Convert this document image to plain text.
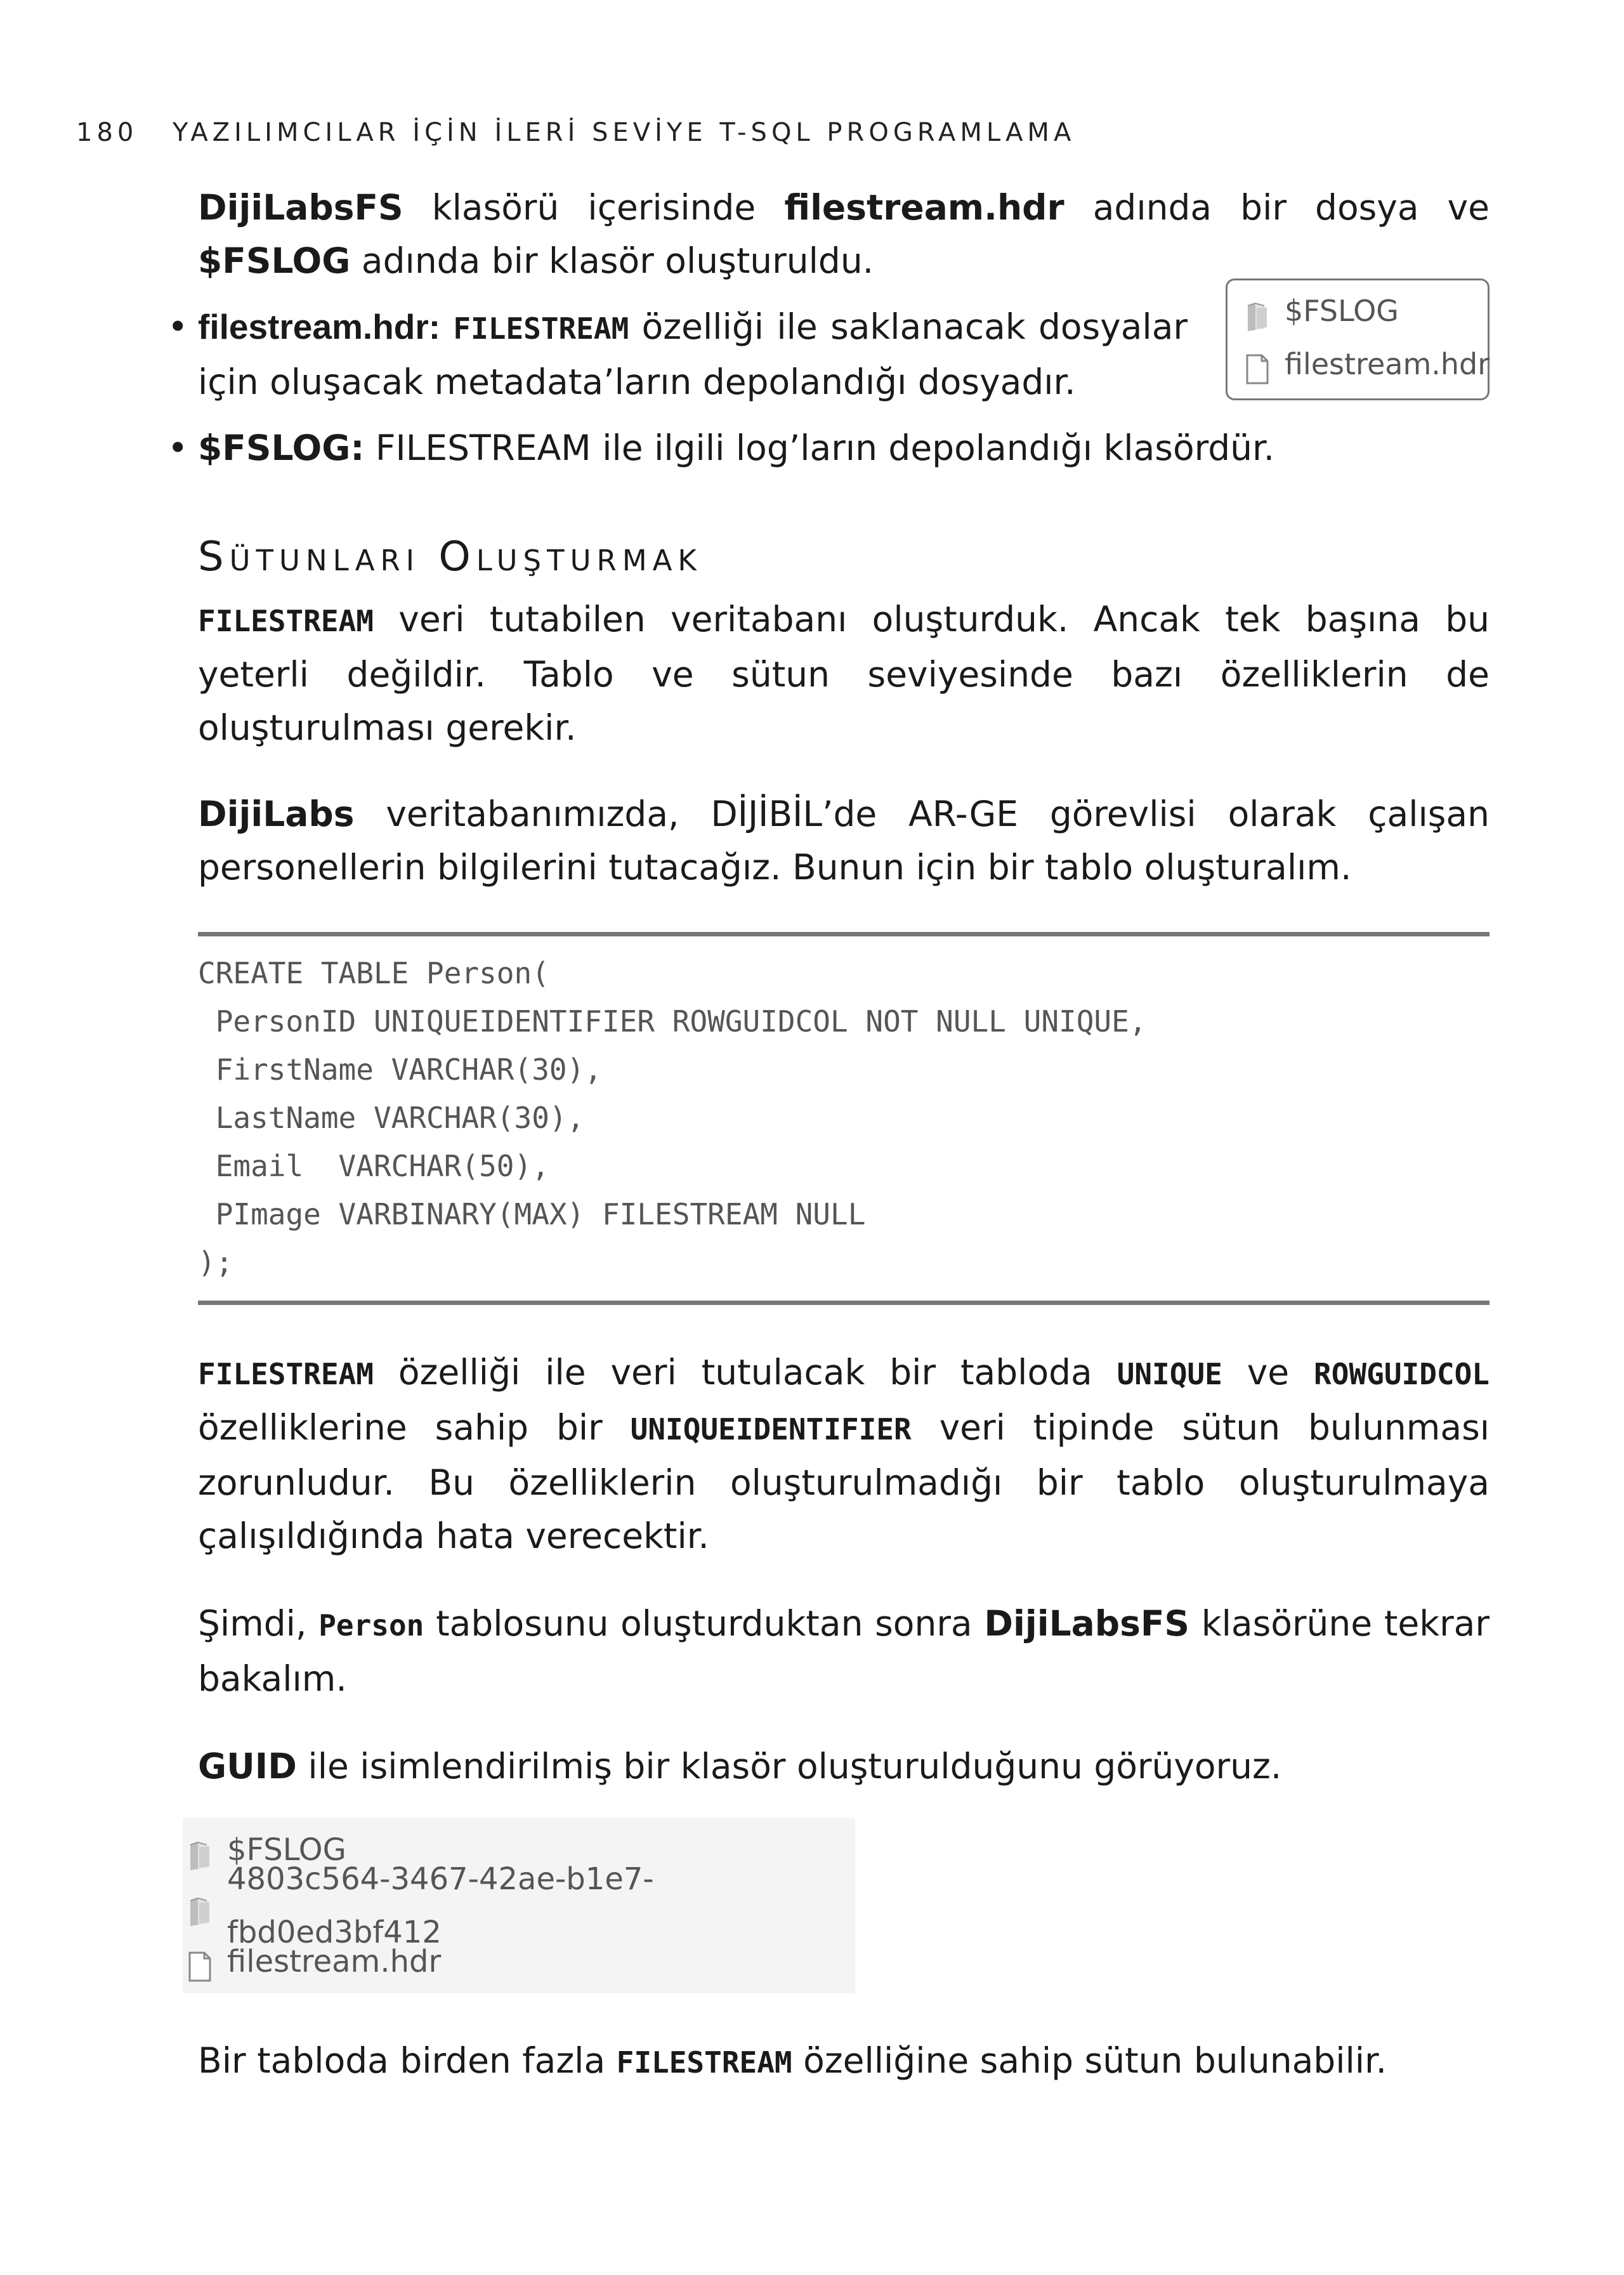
180 YAZILIMCILAR İÇİN İLERİ SEVİYE T-SQL PROGRAMLAMA

DijiLabsFS klasörü içerisinde filestream.hdr adında bir dosya ve $FSLOG adında bir klasör oluşturuldu.

• filestream.hdr: FILESTREAM özelliği ile saklanacak dosyalar için oluşacak metadata’ların depolandığı dosyadır.
• $FSLOG: FILESTREAM ile ilgili log’ların depolandığı klasördür.
$FSLOG
filestream.hdr
Sütunları Oluşturmak

FILESTREAM veri tutabilen veritabanı oluşturduk. Ancak tek başına bu yeterli değildir. Tablo ve sütun seviyesinde bazı özelliklerin de oluşturulması gerekir.

DijiLabs veritabanımızda, DİJİBİL’de AR-GE görevlisi olarak çalışan personellerin bilgilerini tutacağız. Bunun için bir tablo oluşturalım.

CREATE TABLE Person(
PersonID UNIQUEIDENTIFIER ROWGUIDCOL NOT NULL UNIQUE,
FirstName VARCHAR(30),
LastName VARCHAR(30),
Email  VARCHAR(50),
PImage VARBINARY(MAX) FILESTREAM NULL
);

FILESTREAM özelliği ile veri tutulacak bir tabloda UNIQUE ve ROWGUIDCOL özelliklerine sahip bir UNIQUEIDENTIFIER veri tipinde sütun bulunması zorunludur. Bu özelliklerin oluşturulmadığı bir tablo oluşturulmaya çalışıldığında hata verecektir.

Şimdi, Person tablosunu oluşturduktan sonra DijiLabsFS klasörüne tekrar bakalım.

GUID ile isimlendirilmiş bir klasör oluşturulduğunu görüyoruz.

$FSLOG
4803c564-3467-42ae-b1e7-fbd0ed3bf412
filestream.hdr

Bir tabloda birden fazla FILESTREAM özelliğine sahip sütun bulunabilir.
